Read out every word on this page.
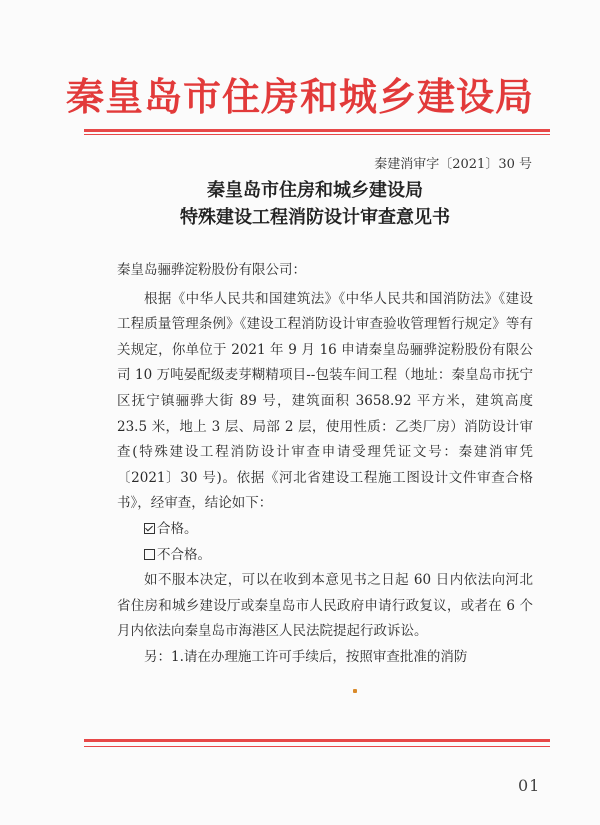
秦皇岛市住房和城乡建设局
秦建消审字〔2021〕30 号
秦皇岛市住房和城乡建设局
特殊建设工程消防设计审查意见书

秦皇岛骊骅淀粉股份有限公司：

根据《中华人民共和国建筑法》《中华人民共和国消防法》《建设工程质量管理条例》《建设工程消防设计审查验收管理暂行规定》等有关规定，你单位于 2021 年 9 月 16 申请秦皇岛骊骅淀粉股份有限公司 10 万吨晏配级麦芽糊精项目--包装车间工程（地址：秦皇岛市抚宁区抚宁镇骊骅大街 89 号，建筑面积 3658.92 平方米，建筑高度 23.5 米，地上 3 层、局部 2 层，使用性质：乙类厂房）消防设计审查(特殊建设工程消防设计审查申请受理凭证文号：秦建消审凭〔2021〕30 号)。依据《河北省建设工程施工图设计文件审查合格书》，经审查，结论如下：

合格。

不合格。

如不服本决定，可以在收到本意见书之日起 60 日内依法向河北省住房和城乡建设厅或秦皇岛市人民政府申请行政复议，或者在 6 个月内依法向秦皇岛市海港区人民法院提起行政诉讼。

另：1.请在办理施工许可手续后，按照审查批准的消防

01
